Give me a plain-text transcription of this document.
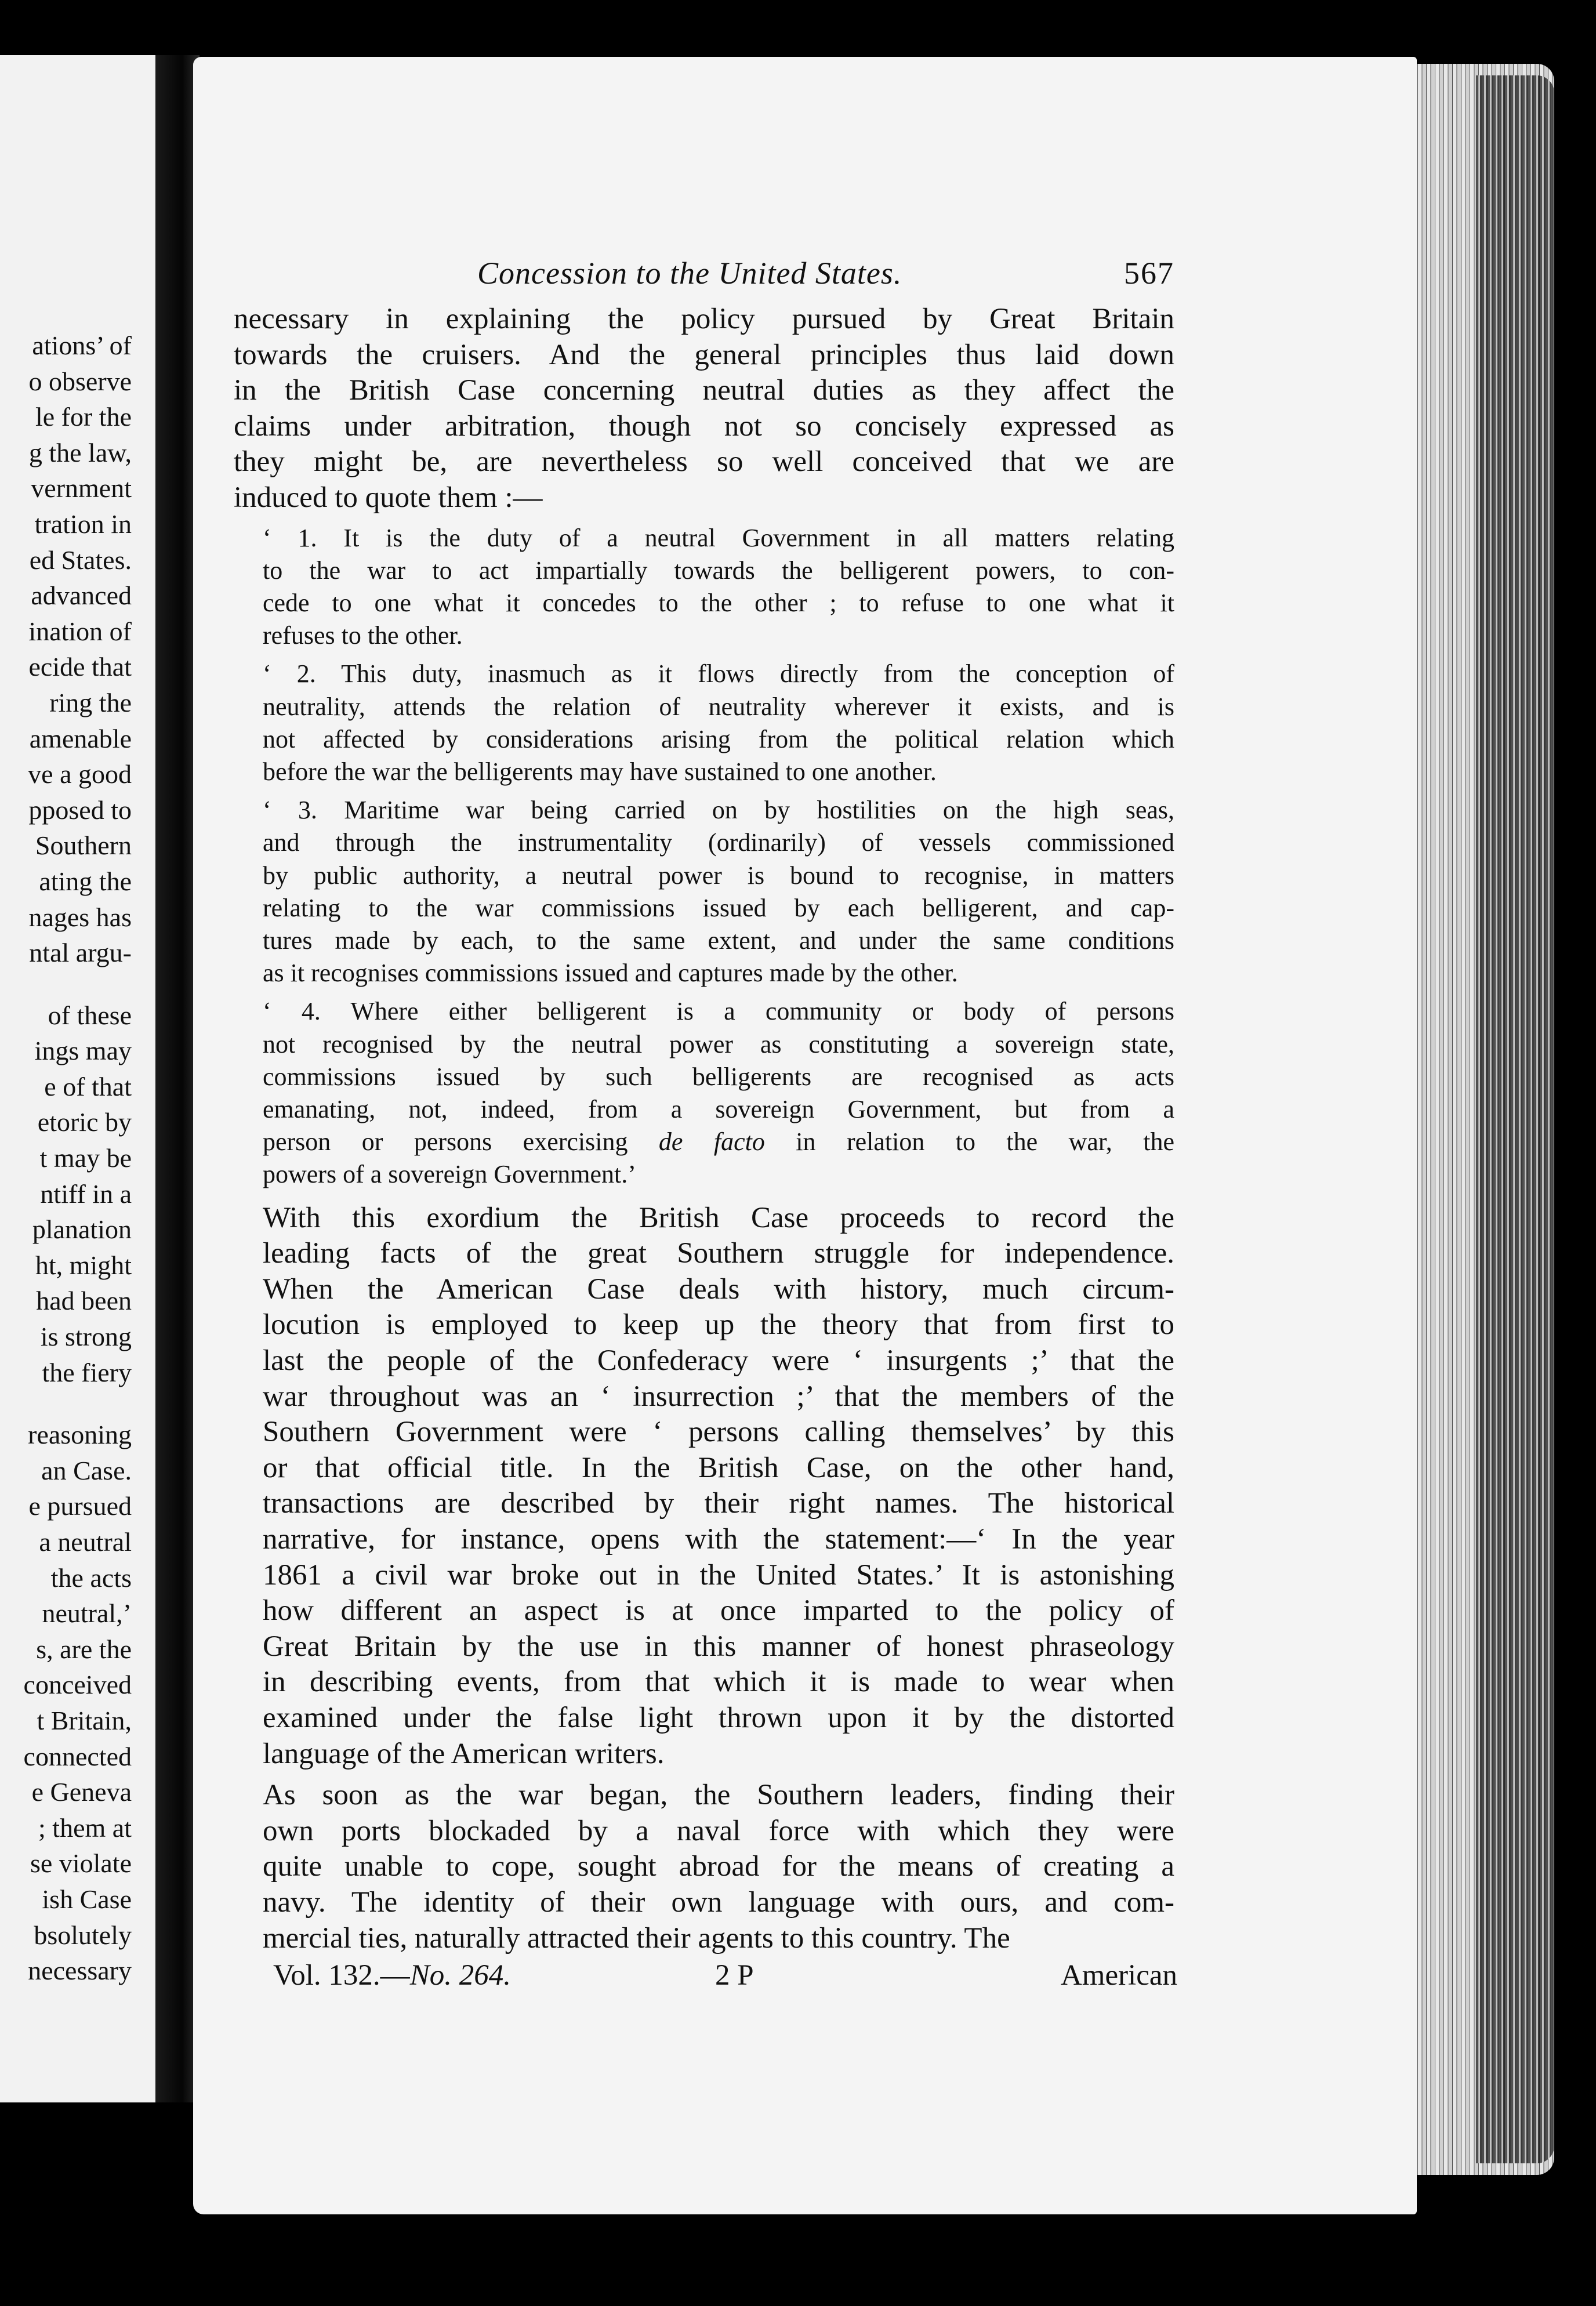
ations’ of
o observe
le for the
g the law,
vernment
tration in
ed States.
advanced
ination of
ecide that
ring the
amenable
ve a good
pposed to
Southern
ating the
nages has
ntal argu-
of these
ings may
e of that
etoric by
t may be
ntiff in a
planation
ht, might
had been
is strong
the fiery
reasoning
an Case.
e pursued
a neutral
the acts
neutral,’
s, are the
conceived
t Britain,
connected
e Geneva
; them at
se violate
ish Case
bsolutely
necessary
Concession to the United States.	567

necessary in explaining the policy pursued by Great Britain
towards the cruisers. And the general principles thus laid down
in the British Case concerning neutral duties as they affect the
claims under arbitration, though not so concisely expressed as
they might be, are nevertheless so well conceived that we are
induced to quote them :—

‘ 1. It is the duty of a neutral Government in all matters relating
to the war to act impartially towards the belligerent powers, to con-
cede to one what it concedes to the other ; to refuse to one what it
refuses to the other.

‘ 2. This duty, inasmuch as it flows directly from the conception of
neutrality, attends the relation of neutrality wherever it exists, and is
not affected by considerations arising from the political relation which
before the war the belligerents may have sustained to one another.

‘ 3. Maritime war being carried on by hostilities on the high seas,
and through the instrumentality (ordinarily) of vessels commissioned
by public authority, a neutral power is bound to recognise, in matters
relating to the war commissions issued by each belligerent, and cap-
tures made by each, to the same extent, and under the same conditions
as it recognises commissions issued and captures made by the other.

‘ 4. Where either belligerent is a community or body of persons
not recognised by the neutral power as constituting a sovereign state,
commissions issued by such belligerents are recognised as acts
emanating, not, indeed, from a sovereign Government, but from a
person or persons exercising de facto in relation to the war, the
powers of a sovereign Government.’

With this exordium the British Case proceeds to record the
leading facts of the great Southern struggle for independence.
When the American Case deals with history, much circum-
locution is employed to keep up the theory that from first to
last the people of the Confederacy were ‘ insurgents ;’ that the
war throughout was an ‘ insurrection ;’ that the members of the
Southern Government were ‘ persons calling themselves’ by this
or that official title. In the British Case, on the other hand,
transactions are described by their right names. The historical
narrative, for instance, opens with the statement:—‘ In the year
1861 a civil war broke out in the United States.’ It is astonishing
how different an aspect is at once imparted to the policy of
Great Britain by the use in this manner of honest phraseology
in describing events, from that which it is made to wear when
examined under the false light thrown upon it by the distorted
language of the American writers.

As soon as the war began, the Southern leaders, finding their
own ports blockaded by a naval force with which they were
quite unable to cope, sought abroad for the means of creating a
navy. The identity of their own language with ours, and com-
mercial ties, naturally attracted their agents to this country. The

Vol. 132.—No. 264.	2 P	American
